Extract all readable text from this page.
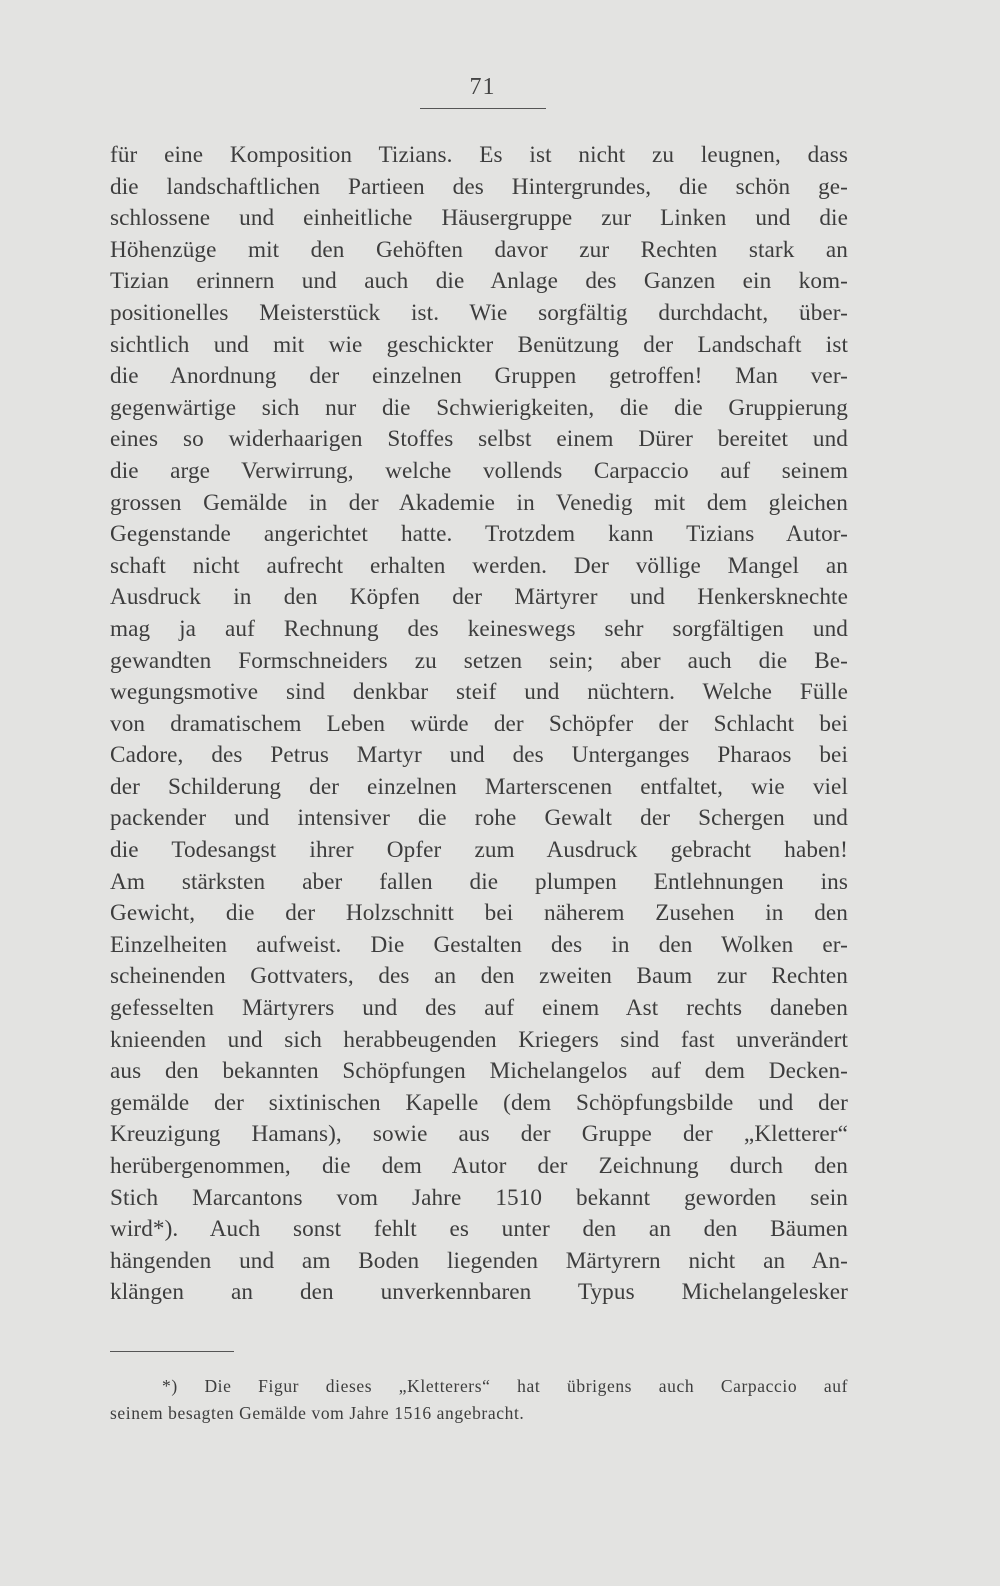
71
für eine Komposition Tizians. Es ist nicht zu leugnen, dass
die landschaftlichen Partieen des Hintergrundes, die schön ge-
schlossene und einheitliche Häusergruppe zur Linken und die
Höhenzüge mit den Gehöften davor zur Rechten stark an
Tizian erinnern und auch die Anlage des Ganzen ein kom-
positionelles Meisterstück ist. Wie sorgfältig durchdacht, über-
sichtlich und mit wie geschickter Benützung der Landschaft ist
die Anordnung der einzelnen Gruppen getroffen! Man ver-
gegenwärtige sich nur die Schwierigkeiten, die die Gruppierung
eines so widerhaarigen Stoffes selbst einem Dürer bereitet und
die arge Verwirrung, welche vollends Carpaccio auf seinem
grossen Gemälde in der Akademie in Venedig mit dem gleichen
Gegenstande angerichtet hatte. Trotzdem kann Tizians Autor-
schaft nicht aufrecht erhalten werden. Der völlige Mangel an
Ausdruck in den Köpfen der Märtyrer und Henkersknechte
mag ja auf Rechnung des keineswegs sehr sorgfältigen und
gewandten Formschneiders zu setzen sein; aber auch die Be-
wegungsmotive sind denkbar steif und nüchtern. Welche Fülle
von dramatischem Leben würde der Schöpfer der Schlacht bei
Cadore, des Petrus Martyr und des Unterganges Pharaos bei
der Schilderung der einzelnen Marterscenen entfaltet, wie viel
packender und intensiver die rohe Gewalt der Schergen und
die Todesangst ihrer Opfer zum Ausdruck gebracht haben!
Am stärksten aber fallen die plumpen Entlehnungen ins
Gewicht, die der Holzschnitt bei näherem Zusehen in den
Einzelheiten aufweist. Die Gestalten des in den Wolken er-
scheinenden Gottvaters, des an den zweiten Baum zur Rechten
gefesselten Märtyrers und des auf einem Ast rechts daneben
knieenden und sich herabbeugenden Kriegers sind fast unverändert
aus den bekannten Schöpfungen Michelangelos auf dem Decken-
gemälde der sixtinischen Kapelle (dem Schöpfungsbilde und der
Kreuzigung Hamans), sowie aus der Gruppe der „Kletterer“
herübergenommen, die dem Autor der Zeichnung durch den
Stich Marcantons vom Jahre 1510 bekannt geworden sein
wird*). Auch sonst fehlt es unter den an den Bäumen
hängenden und am Boden liegenden Märtyrern nicht an An-
klängen an den unverkennbaren Typus Michelangelesker
*) Die Figur dieses „Kletterers“ hat übrigens auch Carpaccio auf
seinem besagten Gemälde vom Jahre 1516 angebracht.
